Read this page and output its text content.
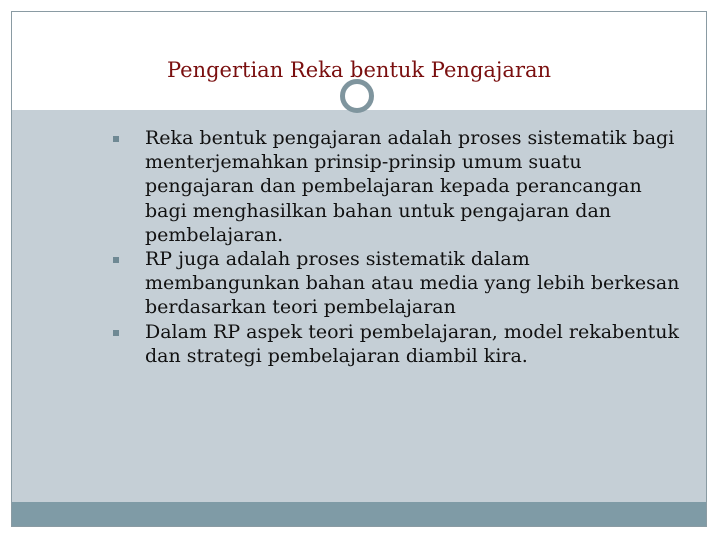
Pengertian Reka bentuk Pengajaran
Reka bentuk pengajaran adalah proses sistematik bagi menterjemahkan prinsip-prinsip umum suatu pengajaran dan pembelajaran kepada perancangan bagi menghasilkan bahan untuk pengajaran dan pembelajaran.
RP juga adalah proses sistematik dalam membangunkan bahan atau media yang lebih berkesan berdasarkan teori pembelajaran
Dalam RP aspek teori pembelajaran, model rekabentuk dan strategi pembelajaran diambil kira.
